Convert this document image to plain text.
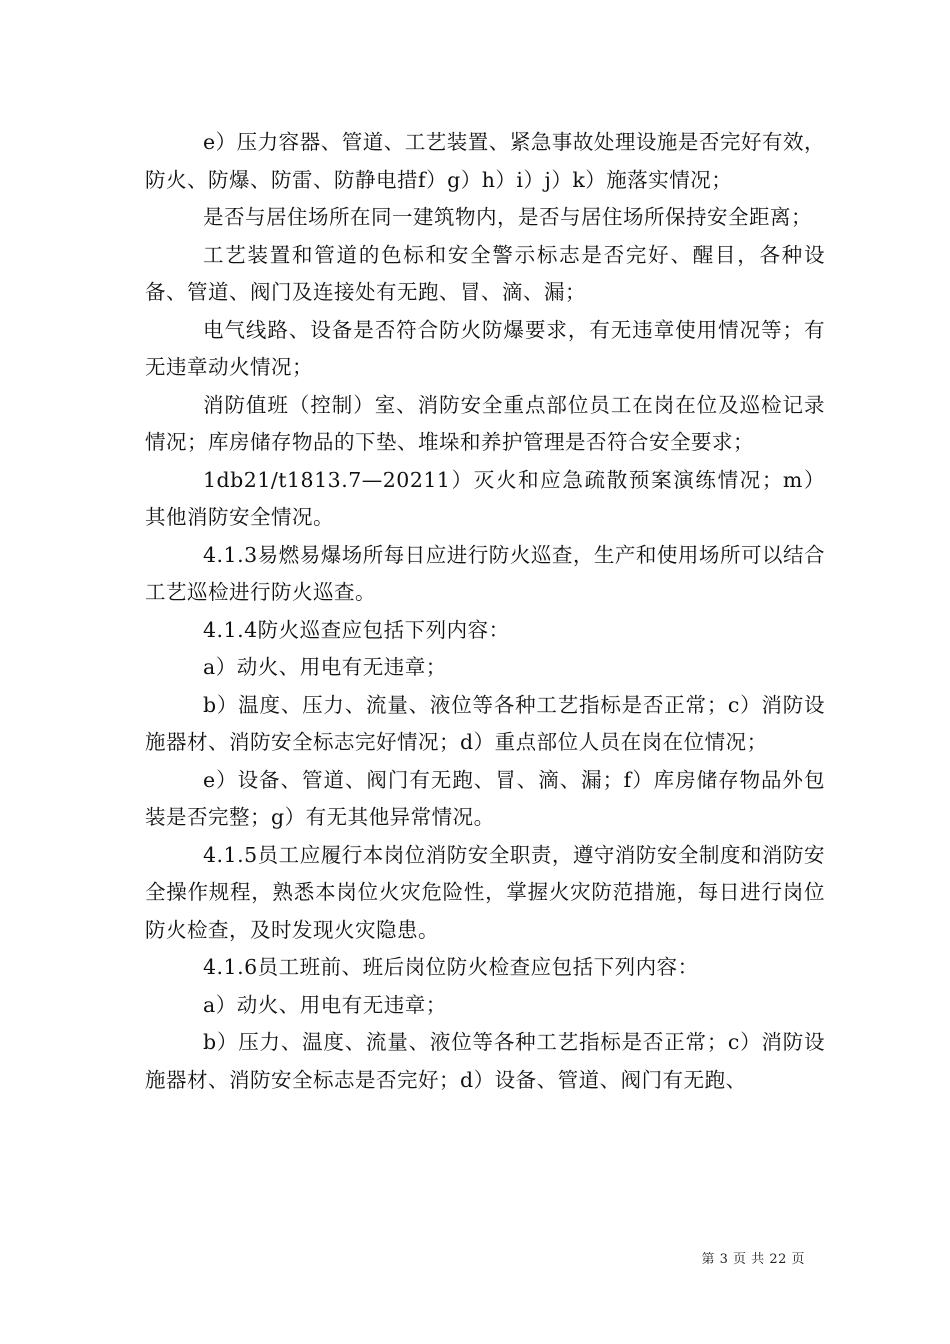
e）压力容器、管道、工艺装置、紧急事故处理设施是否完好有效，防火、防爆、防雷、防静电措f）g）h）i）j）k）施落实情况；

是否与居住场所在同一建筑物内，是否与居住场所保持安全距离；

工艺装置和管道的色标和安全警示标志是否完好、醒目，各种设备、管道、阀门及连接处有无跑、冒、滴、漏；

电气线路、设备是否符合防火防爆要求，有无违章使用情况等；有无违章动火情况；

消防值班（控制）室、消防安全重点部位员工在岗在位及巡检记录情况；库房储存物品的下垫、堆垛和养护管理是否符合安全要求；

1db21/t1813.7—20211）灭火和应急疏散预案演练情况；m）其他消防安全情况。

4.1.3易燃易爆场所每日应进行防火巡查，生产和使用场所可以结合工艺巡检进行防火巡查。

4.1.4防火巡查应包括下列内容：

a）动火、用电有无违章；

b）温度、压力、流量、液位等各种工艺指标是否正常；c）消防设施器材、消防安全标志完好情况；d）重点部位人员在岗在位情况；

e）设备、管道、阀门有无跑、冒、滴、漏；f）库房储存物品外包装是否完整；g）有无其他异常情况。

4.1.5员工应履行本岗位消防安全职责，遵守消防安全制度和消防安全操作规程，熟悉本岗位火灾危险性，掌握火灾防范措施，每日进行岗位防火检查，及时发现火灾隐患。

4.1.6员工班前、班后岗位防火检查应包括下列内容：

a）动火、用电有无违章；

b）压力、温度、流量、液位等各种工艺指标是否正常；c）消防设施器材、消防安全标志是否完好；d）设备、管道、阀门有无跑、

第 3 页 共 22 页
